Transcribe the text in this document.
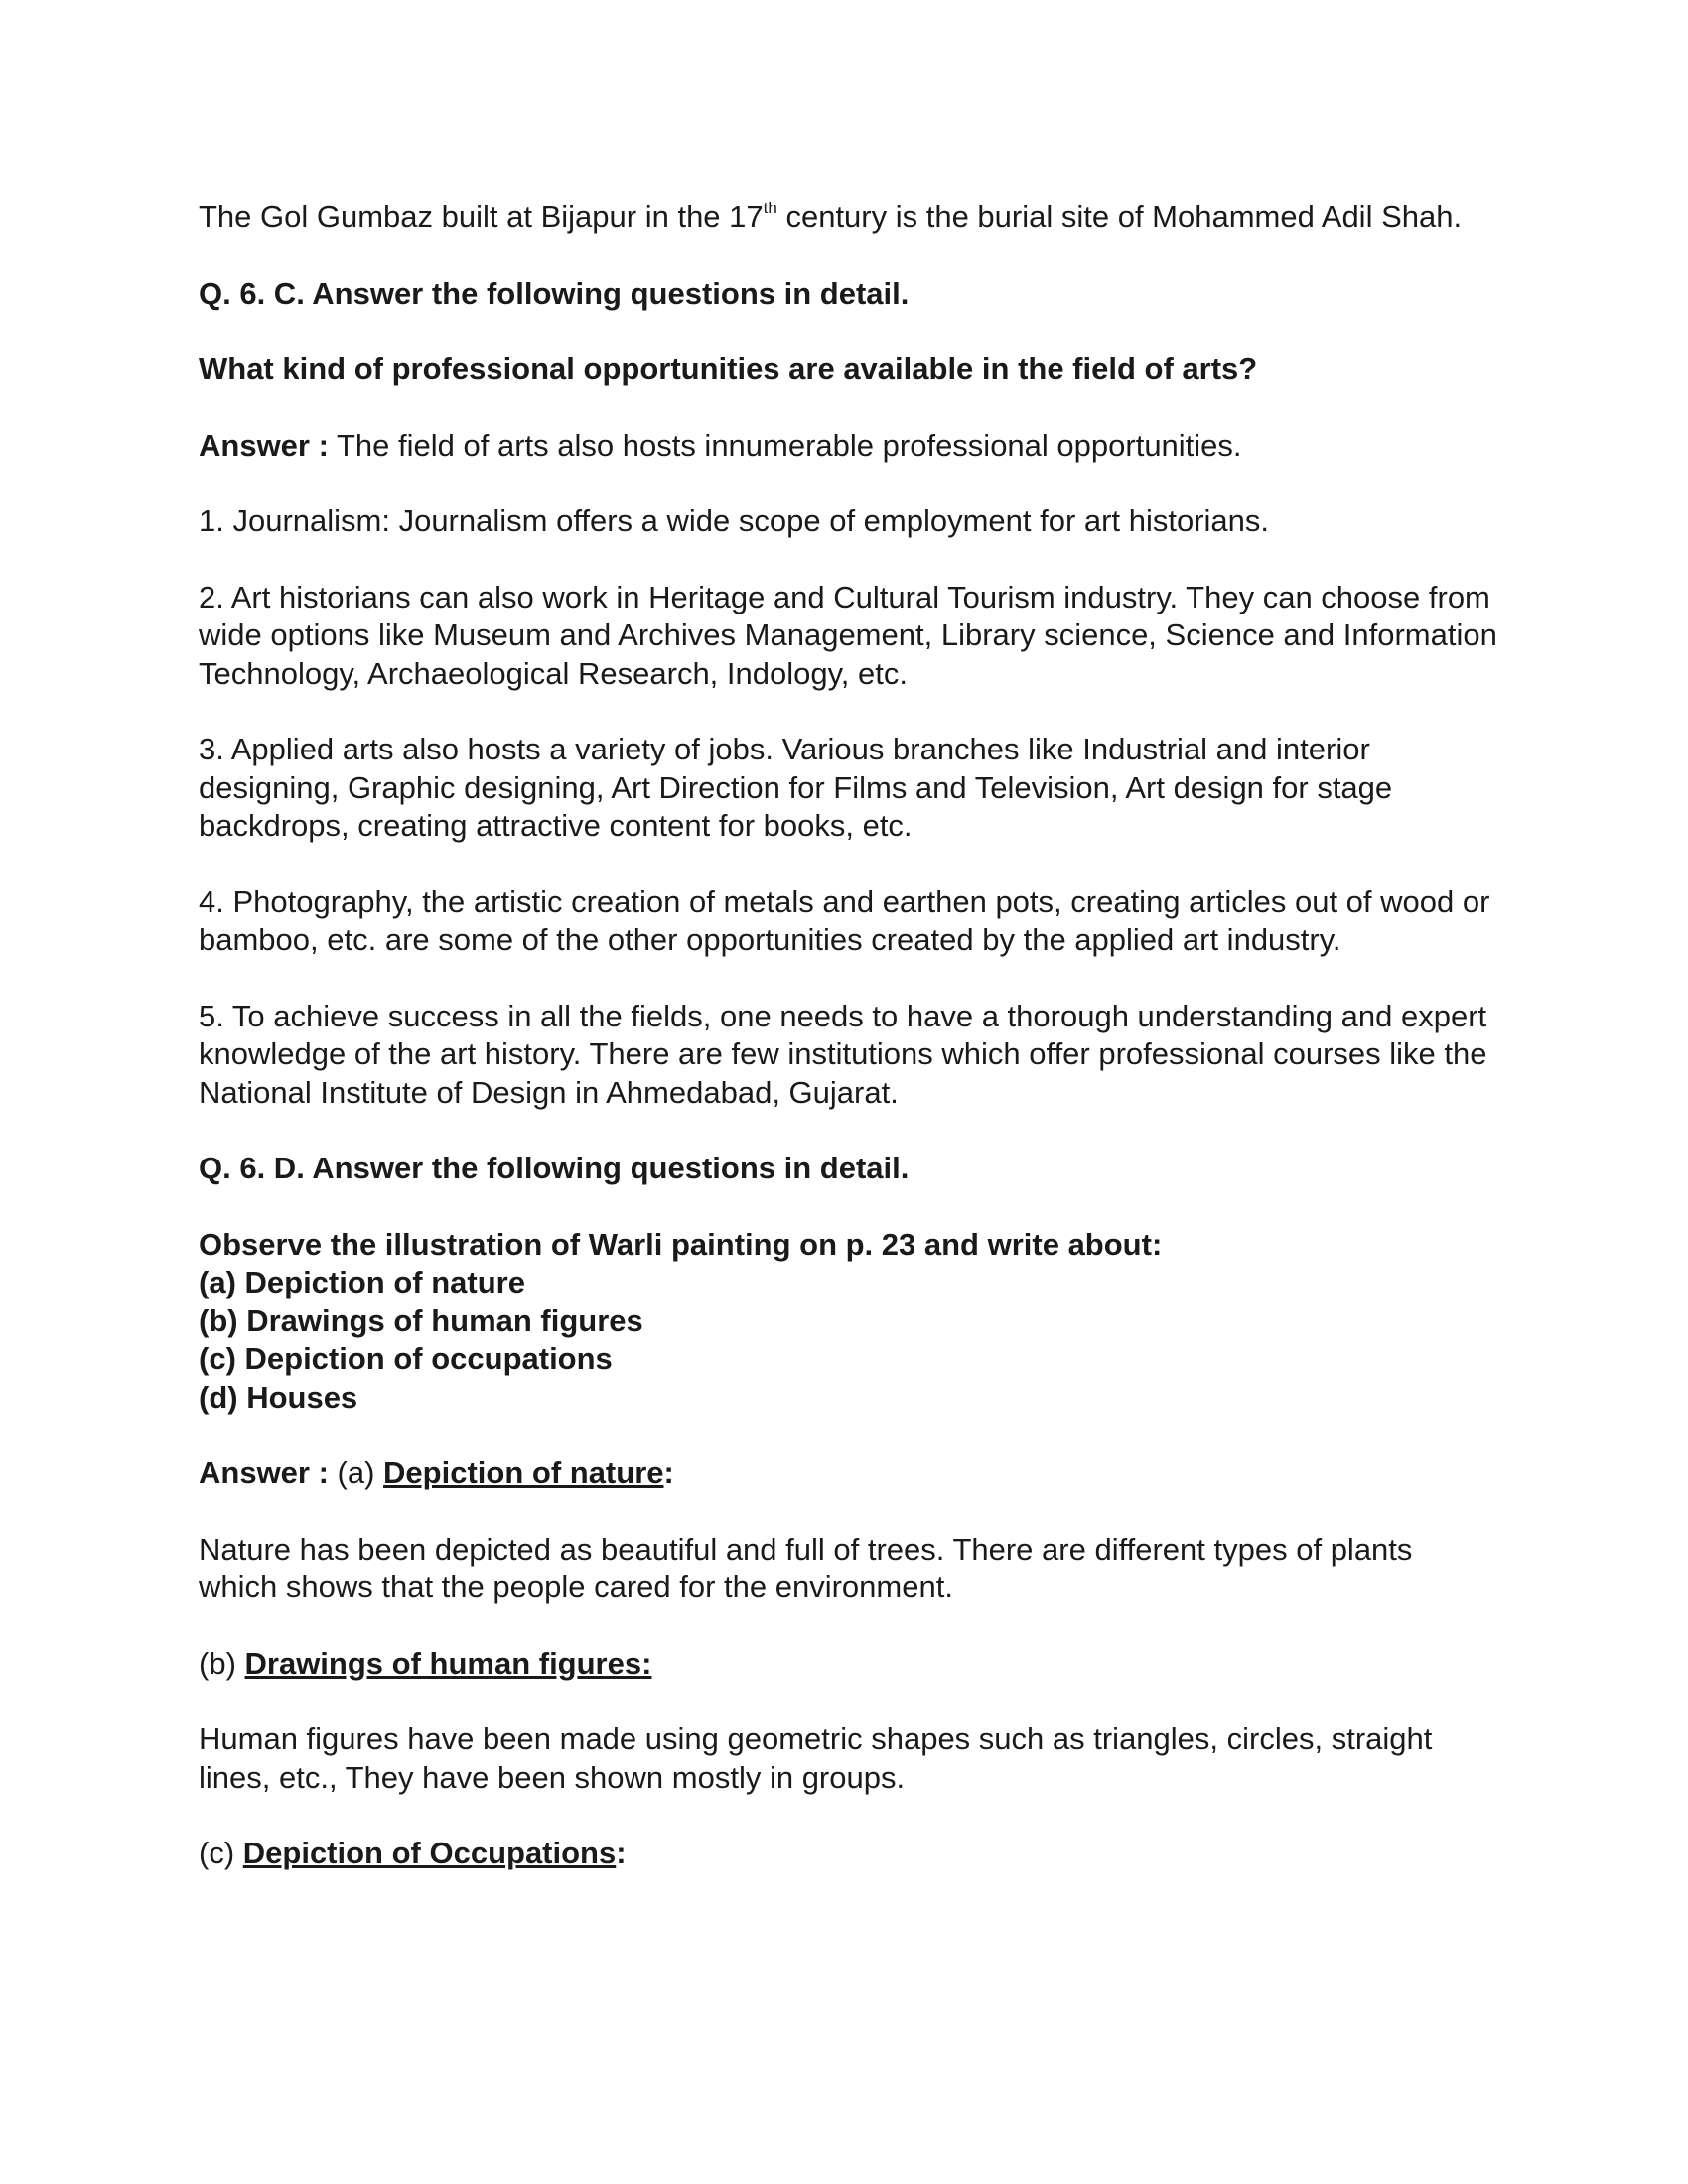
The Gol Gumbaz built at Bijapur in the 17th century is the burial site of Mohammed Adil Shah.

Q. 6. C. Answer the following questions in detail.

What kind of professional opportunities are available in the field of arts?

Answer : The field of arts also hosts innumerable professional opportunities.

1. Journalism: Journalism offers a wide scope of employment for art historians.

2. Art historians can also work in Heritage and Cultural Tourism industry. They can choose from wide options like Museum and Archives Management, Library science, Science and Information Technology, Archaeological Research, Indology, etc.

3. Applied arts also hosts a variety of jobs. Various branches like Industrial and interior designing, Graphic designing, Art Direction for Films and Television, Art design for stage backdrops, creating attractive content for books, etc.

4. Photography, the artistic creation of metals and earthen pots, creating articles out of wood or bamboo, etc. are some of the other opportunities created by the applied art industry.

5. To achieve success in all the fields, one needs to have a thorough understanding and expert knowledge of the art history. There are few institutions which offer professional courses like the National Institute of Design in Ahmedabad, Gujarat.

Q. 6. D. Answer the following questions in detail.

Observe the illustration of Warli painting on p. 23 and write about:
(a) Depiction of nature
(b) Drawings of human figures
(c) Depiction of occupations
(d) Houses

Answer : (a) Depiction of nature:

Nature has been depicted as beautiful and full of trees. There are different types of plants which shows that the people cared for the environment.

(b) Drawings of human figures:

Human figures have been made using geometric shapes such as triangles, circles, straight lines, etc., They have been shown mostly in groups.

(c) Depiction of Occupations:
